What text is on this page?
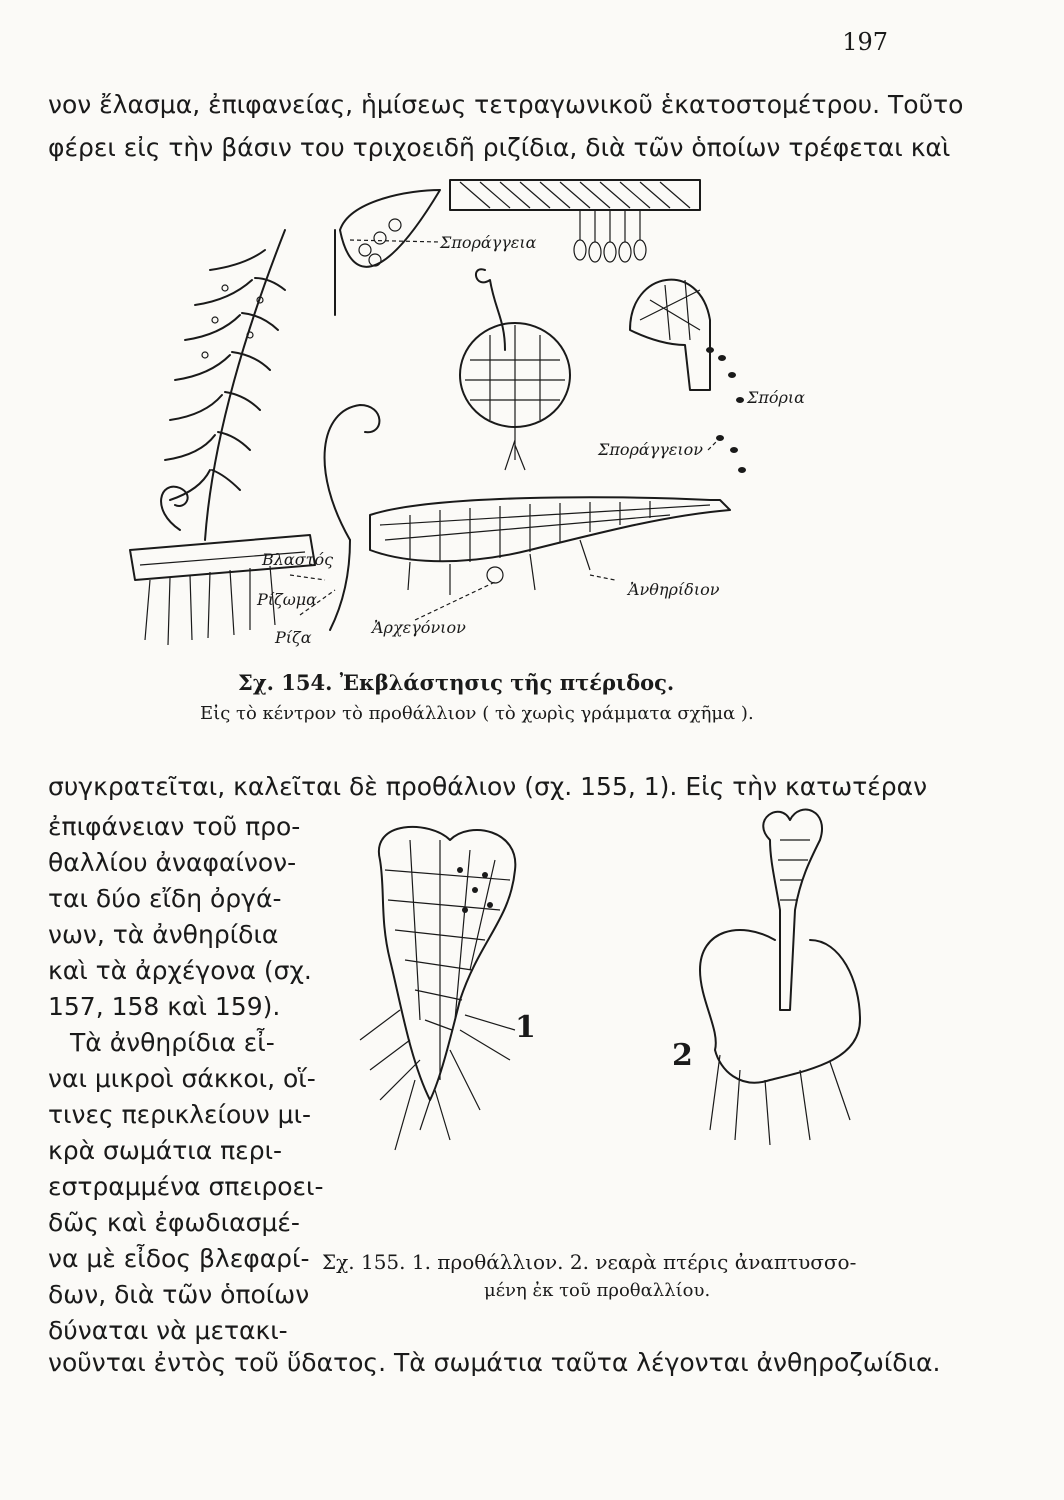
197
νον ἔλασμα, ἐπιφανείας, ἡμίσεως τετραγωνικοῦ ἑκατοστομέτρου. Τοῦτο
φέρει εἰς τὴν βάσιν του τριχοειδῆ ριζίδια, διὰ τῶν ὁποίων τρέφεται καὶ
Σποράγγεια
Σπόρια
Σποράγγειον
Βλαστός
Ρίζωμα
Ρίζα
Ἀρχεγόνιον
Ἀνθηρίδιον
Σχ. 154. Ἐκβλάστησις τῆς πτέριδος.
Εἰς τὸ κέντρον τὸ προθάλλιον ( τὸ χωρὶς γράμματα σχῆμα ).
συγκρατεῖται, καλεῖται δὲ προθάλιον (σχ. 155, 1). Εἰς τὴν κατωτέραν
ἐπιφάνειαν τοῦ προ-
θαλλίου ἀναφαίνον-
ται δύο εἴδη ὀργά-
νων, τὰ ἀνθηρίδια
καὶ τὰ ἀρχέγονα (σχ.
157, 158 καὶ 159).
Τὰ ἀνθηρίδια εἶ-
ναι μικροὶ σάκκοι, οἵ-
τινες περικλείουν μι-
κρὰ σωμάτια περι-
εστραμμένα σπειροει-
δῶς καὶ ἐφωδιασμέ-
να μὲ εἶδος βλεφαρί-
δων, διὰ τῶν ὁποίων
δύναται νὰ μετακι-
1
2
Σχ. 155. 1. προθάλλιον. 2. νεαρὰ πτέρις ἀναπτυσσο-
μένη ἐκ τοῦ προθαλλίου.
νοῦνται ἐντὸς τοῦ ὕδατος. Τὰ σωμάτια ταῦτα λέγονται ἀνθηροζωίδια.
